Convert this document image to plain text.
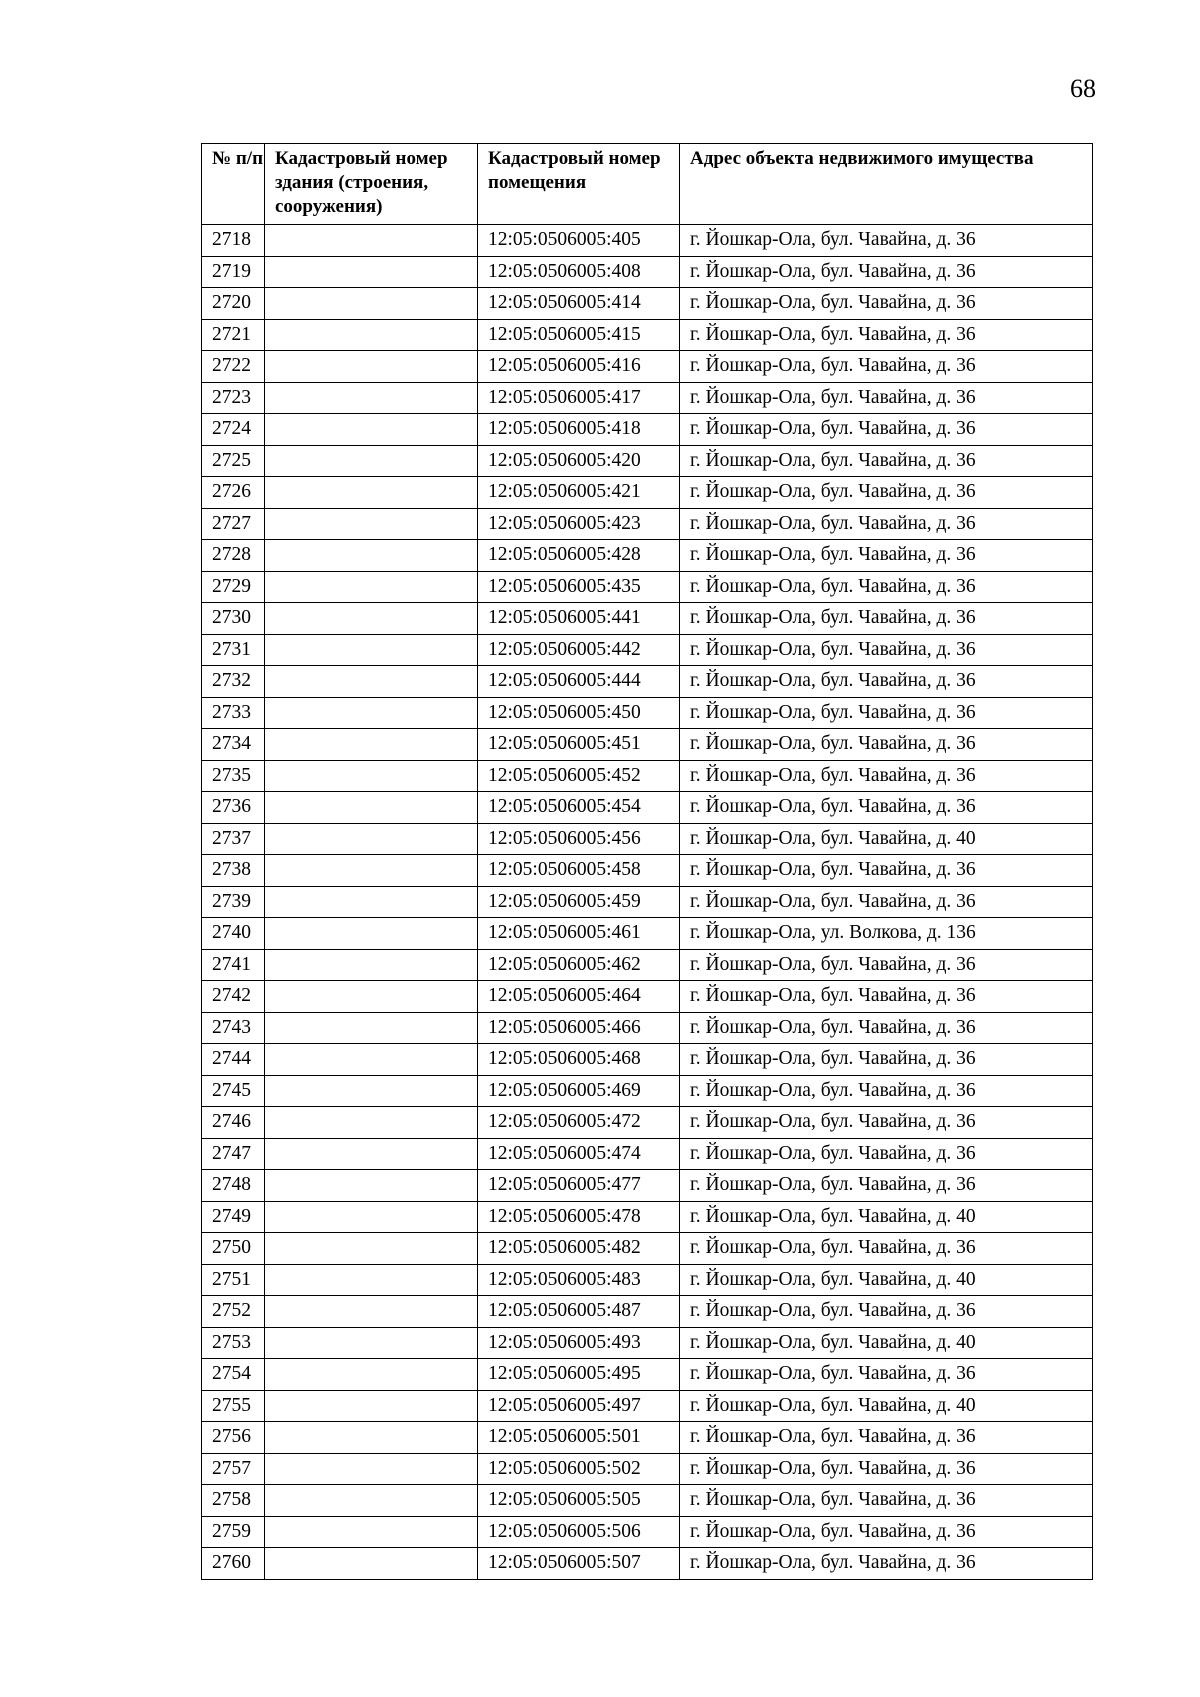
68
№ п/п	Кадастровый номер здания (строения, сооружения)	Кадастровый номер помещения	Адрес объекта недвижимого имущества
2718		12:05:0506005:405	г. Йошкар-Ола, бул. Чавайна, д. 36
2719		12:05:0506005:408	г. Йошкар-Ола, бул. Чавайна, д. 36
2720		12:05:0506005:414	г. Йошкар-Ола, бул. Чавайна, д. 36
2721		12:05:0506005:415	г. Йошкар-Ола, бул. Чавайна, д. 36
2722		12:05:0506005:416	г. Йошкар-Ола, бул. Чавайна, д. 36
2723		12:05:0506005:417	г. Йошкар-Ола, бул. Чавайна, д. 36
2724		12:05:0506005:418	г. Йошкар-Ола, бул. Чавайна, д. 36
2725		12:05:0506005:420	г. Йошкар-Ола, бул. Чавайна, д. 36
2726		12:05:0506005:421	г. Йошкар-Ола, бул. Чавайна, д. 36
2727		12:05:0506005:423	г. Йошкар-Ола, бул. Чавайна, д. 36
2728		12:05:0506005:428	г. Йошкар-Ола, бул. Чавайна, д. 36
2729		12:05:0506005:435	г. Йошкар-Ола, бул. Чавайна, д. 36
2730		12:05:0506005:441	г. Йошкар-Ола, бул. Чавайна, д. 36
2731		12:05:0506005:442	г. Йошкар-Ола, бул. Чавайна, д. 36
2732		12:05:0506005:444	г. Йошкар-Ола, бул. Чавайна, д. 36
2733		12:05:0506005:450	г. Йошкар-Ола, бул. Чавайна, д. 36
2734		12:05:0506005:451	г. Йошкар-Ола, бул. Чавайна, д. 36
2735		12:05:0506005:452	г. Йошкар-Ола, бул. Чавайна, д. 36
2736		12:05:0506005:454	г. Йошкар-Ола, бул. Чавайна, д. 36
2737		12:05:0506005:456	г. Йошкар-Ола, бул. Чавайна, д. 40
2738		12:05:0506005:458	г. Йошкар-Ола, бул. Чавайна, д. 36
2739		12:05:0506005:459	г. Йошкар-Ола, бул. Чавайна, д. 36
2740		12:05:0506005:461	г. Йошкар-Ола, ул. Волкова, д. 136
2741		12:05:0506005:462	г. Йошкар-Ола, бул. Чавайна, д. 36
2742		12:05:0506005:464	г. Йошкар-Ола, бул. Чавайна, д. 36
2743		12:05:0506005:466	г. Йошкар-Ола, бул. Чавайна, д. 36
2744		12:05:0506005:468	г. Йошкар-Ола, бул. Чавайна, д. 36
2745		12:05:0506005:469	г. Йошкар-Ола, бул. Чавайна, д. 36
2746		12:05:0506005:472	г. Йошкар-Ола, бул. Чавайна, д. 36
2747		12:05:0506005:474	г. Йошкар-Ола, бул. Чавайна, д. 36
2748		12:05:0506005:477	г. Йошкар-Ола, бул. Чавайна, д. 36
2749		12:05:0506005:478	г. Йошкар-Ола, бул. Чавайна, д. 40
2750		12:05:0506005:482	г. Йошкар-Ола, бул. Чавайна, д. 36
2751		12:05:0506005:483	г. Йошкар-Ола, бул. Чавайна, д. 40
2752		12:05:0506005:487	г. Йошкар-Ола, бул. Чавайна, д. 36
2753		12:05:0506005:493	г. Йошкар-Ола, бул. Чавайна, д. 40
2754		12:05:0506005:495	г. Йошкар-Ола, бул. Чавайна, д. 36
2755		12:05:0506005:497	г. Йошкар-Ола, бул. Чавайна, д. 40
2756		12:05:0506005:501	г. Йошкар-Ола, бул. Чавайна, д. 36
2757		12:05:0506005:502	г. Йошкар-Ола, бул. Чавайна, д. 36
2758		12:05:0506005:505	г. Йошкар-Ола, бул. Чавайна, д. 36
2759		12:05:0506005:506	г. Йошкар-Ола, бул. Чавайна, д. 36
2760		12:05:0506005:507	г. Йошкар-Ола, бул. Чавайна, д. 36
